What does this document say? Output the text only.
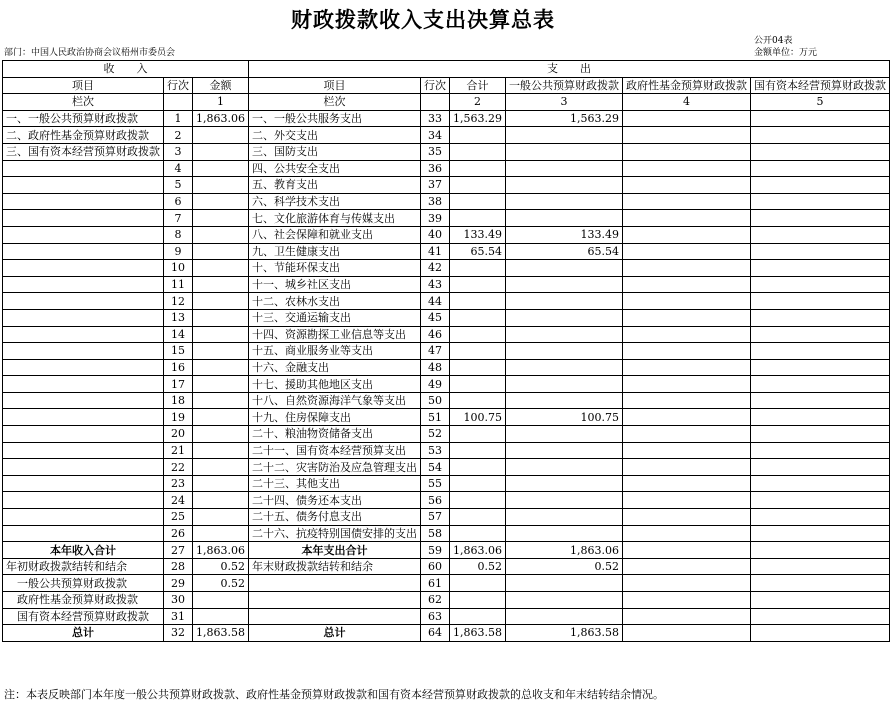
财政拨款收入支出决算总表
公开04表
部门：中国人民政治协商会议梧州市委员会	金额单位：万元
收　　入			支　　出					
项目	行次	金额	项目	行次	合计	一般公共预算财政拨款	政府性基金预算财政拨款	国有资本经营预算财政拨款
栏次		1	栏次		2	3	4	5
一、一般公共预算财政拨款	1	1,863.06	一、一般公共服务支出	33	1,563.29	1,563.29		
二、政府性基金预算财政拨款	2		二、外交支出	34				
三、国有资本经营预算财政拨款	3		三、国防支出	35				
	4		四、公共安全支出	36				
	5		五、教育支出	37				
	6		六、科学技术支出	38				
	7		七、文化旅游体育与传媒支出	39				
	8		八、社会保障和就业支出	40	133.49	133.49		
	9		九、卫生健康支出	41	65.54	65.54		
	10		十、节能环保支出	42				
	11		十一、城乡社区支出	43				
	12		十二、农林水支出	44				
	13		十三、交通运输支出	45				
	14		十四、资源勘探工业信息等支出	46				
	15		十五、商业服务业等支出	47				
	16		十六、金融支出	48				
	17		十七、援助其他地区支出	49				
	18		十八、自然资源海洋气象等支出	50				
	19		十九、住房保障支出	51	100.75	100.75		
	20		二十、粮油物资储备支出	52				
	21		二十一、国有资本经营预算支出	53				
	22		二十二、灾害防治及应急管理支出	54				
	23		二十三、其他支出	55				
	24		二十四、债务还本支出	56				
	25		二十五、债务付息支出	57				
	26		二十六、抗疫特别国债安排的支出	58				
本年收入合计	27	1,863.06	本年支出合计	59	1,863.06	1,863.06		
年初财政拨款结转和结余	28	0.52	年末财政拨款结转和结余	60	0.52	0.52		
一般公共预算财政拨款	29	0.52		61				
政府性基金预算财政拨款	30			62				
国有资本经营预算财政拨款	31			63				
总计	32	1,863.58	总计	64	1,863.58	1,863.58		
注：本表反映部门本年度一般公共预算财政拨款、政府性基金预算财政拨款和国有资本经营预算财政拨款的总收支和年末结转结余情况。
